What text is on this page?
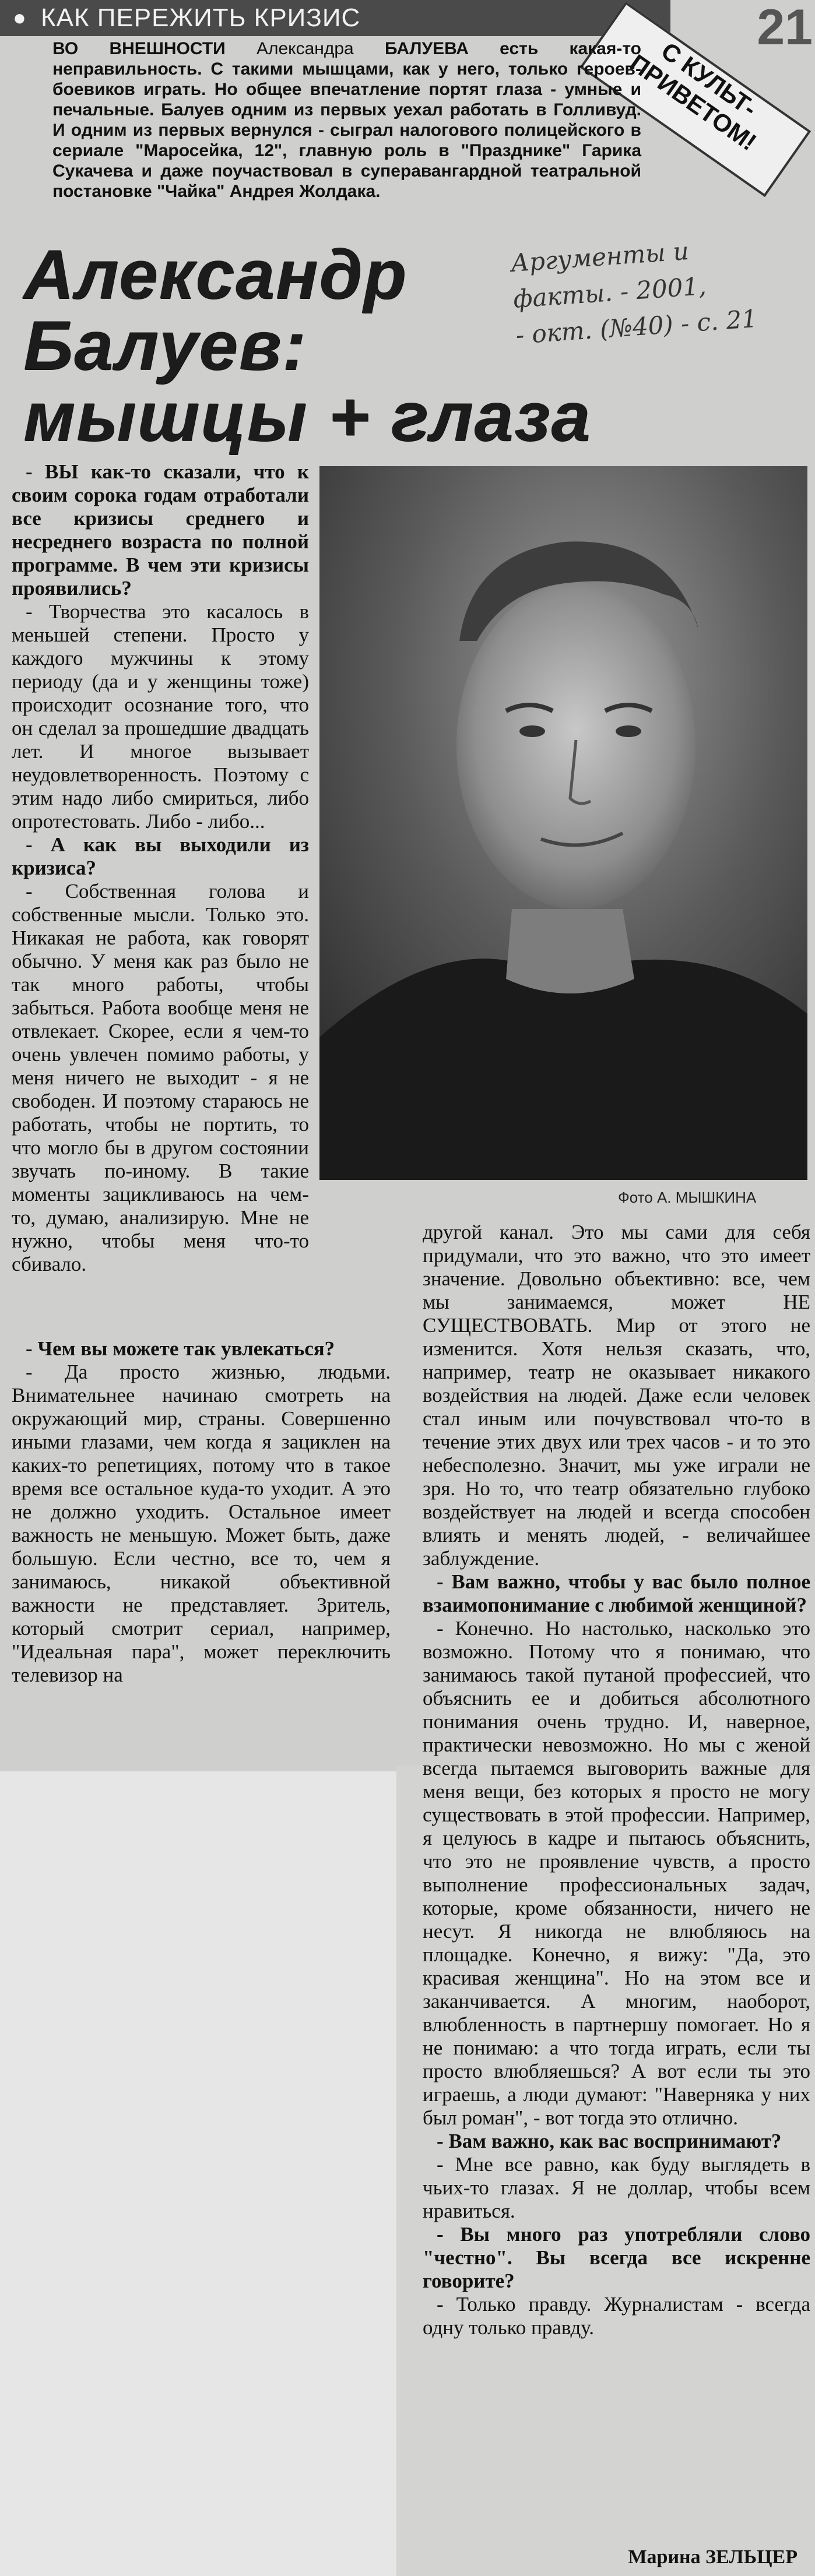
● КАК ПЕРЕЖИТЬ КРИЗИС
С КУЛЬТ-ПРИВЕТОМ!
21
ВО ВНЕШНОСТИ Александра БАЛУЕВА есть какая-то неправильность. С такими мышцами, как у него, только героев-боевиков играть. Но общее впечатление портят глаза - умные и печальные. Балуев одним из первых уехал работать в Голливуд. И одним из первых вернулся - сыграл налогового полицейского в сериале "Маросейка, 12", главную роль в "Празднике" Гарика Сукачева и даже поучаствовал в суперавангардной театральной постановке "Чайка" Андрея Жолдака.
Александр
Балуев:
мышцы + глаза
Аргументы и
факты. - 2001,
- окт. (№40) - с. 21
Фото А. МЫШКИНА

- ВЫ как-то сказали, что к своим сорока годам отработали все кризисы среднего и несреднего возраста по полной программе. В чем эти кризисы проявились?

- Творчества это касалось в меньшей степени. Просто у каждого мужчины к этому периоду (да и у женщины тоже) происходит осознание того, что он сделал за прошедшие двадцать лет. И многое вызывает неудовлетворенность. Поэтому с этим надо либо смириться, либо опротестовать. Либо - либо...

- А как вы выходили из кризиса?

- Собственная голова и собственные мысли. Только это. Никакая не работа, как говорят обычно. У меня как раз было не так много работы, чтобы забыться. Работа вообще меня не отвлекает. Скорее, если я чем-то очень увлечен помимо работы, у меня ничего не выходит - я не свободен. И поэтому стараюсь не работать, чтобы не портить, то что могло бы в другом состоянии звучать по-иному. В такие моменты зацикливаюсь на чем-то, думаю, анализирую. Мне не нужно, чтобы меня что-то сбивало.

- Чем вы можете так увлекаться?

- Да просто жизнью, людьми. Внимательнее начинаю смотреть на окружающий мир, страны. Совершенно иными глазами, чем когда я зациклен на каких-то репетициях, потому что в такое время все остальное куда-то уходит. А это не должно уходить. Остальное имеет важность не меньшую. Может быть, даже большую. Если честно, все то, чем я занимаюсь, никакой объективной важности не представляет. Зритель, который смотрит сериал, например, "Идеальная пара", может переключить телевизор на

другой канал. Это мы сами для себя придумали, что это важно, что это имеет значение. Довольно объективно: все, чем мы занимаемся, может НЕ СУЩЕСТВОВАТЬ. Мир от этого не изменится. Хотя нельзя сказать, что, например, театр не оказывает никакого воздействия на людей. Даже если человек стал иным или почувствовал что-то в течение этих двух или трех часов - и то это небесполезно. Значит, мы уже играли не зря. Но то, что театр обязательно глубоко воздействует на людей и всегда способен влиять и менять людей, - величайшее заблуждение.

- Вам важно, чтобы у вас было полное взаимопонимание с любимой женщиной?

- Конечно. Но настолько, насколько это возможно. Потому что я понимаю, что занимаюсь такой путаной профессией, что объяснить ее и добиться абсолютного понимания очень трудно. И, наверное, практически невозможно. Но мы с женой всегда пытаемся выговорить важные для меня вещи, без которых я просто не могу существовать в этой профессии. Например, я целуюсь в кадре и пытаюсь объяснить, что это не проявление чувств, а просто выполнение профессиональных задач, которые, кроме обязанности, ничего не несут. Я никогда не влюбляюсь на площадке. Конечно, я вижу: "Да, это красивая женщина". Но на этом все и заканчивается. А многим, наоборот, влюбленность в партнершу помогает. Но я не понимаю: а что тогда играть, если ты просто влюбляешься? А вот если ты это играешь, а люди думают: "Наверняка у них был роман", - вот тогда это отлично.

- Вам важно, как вас воспринимают?

- Мне все равно, как буду выглядеть в чьих-то глазах. Я не доллар, чтобы всем нравиться.

- Вы много раз употребляли слово "честно". Вы всегда все искренне говорите?

- Только правду. Журналистам - всегда одну только правду.

Марина ЗЕЛЬЦЕР
